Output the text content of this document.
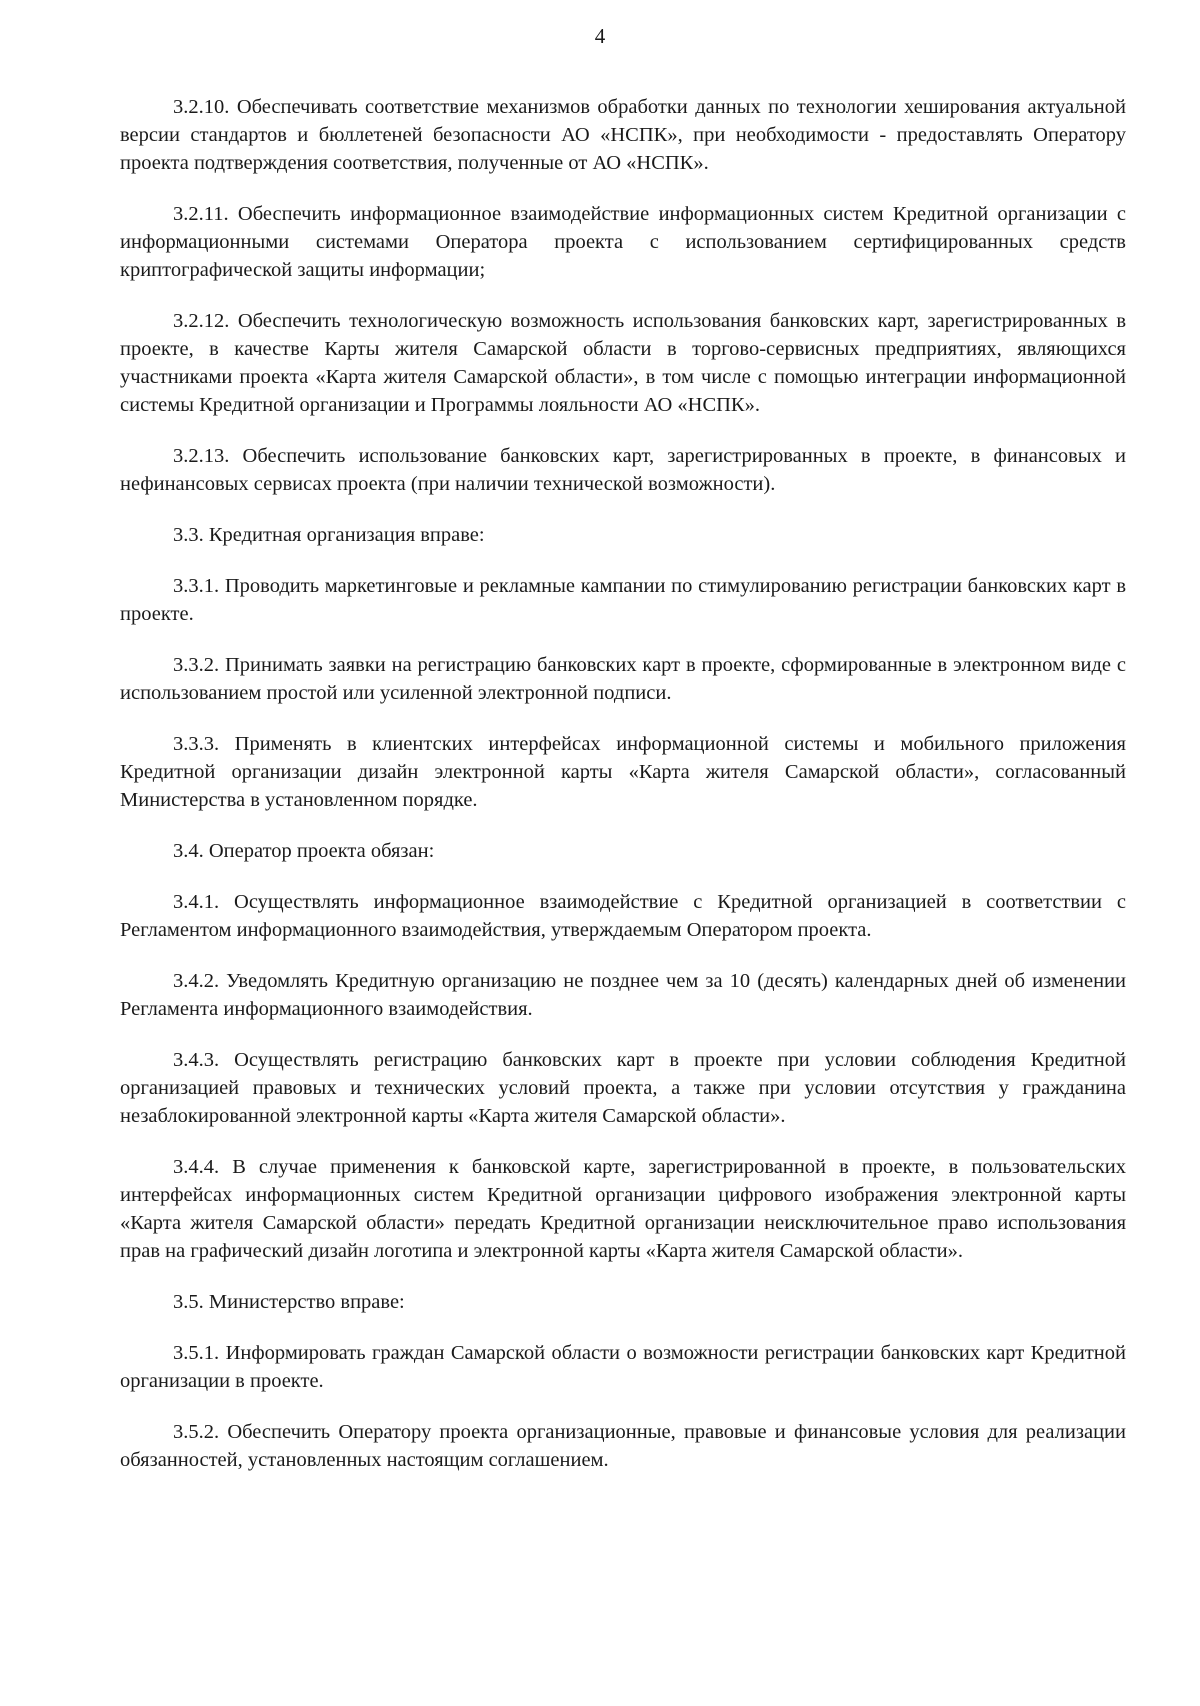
4

3.2.10. Обеспечивать соответствие механизмов обработки данных по технологии хеширования актуальной версии стандартов и бюллетеней безопасности АО «НСПК», при необходимости - предоставлять Оператору проекта подтверждения соответствия, полученные от АО «НСПК».

3.2.11. Обеспечить информационное взаимодействие информационных систем Кредитной организации с информационными системами Оператора проекта с использованием сертифицированных средств криптографической защиты информации;

3.2.12. Обеспечить технологическую возможность использования банковских карт, зарегистрированных в проекте, в качестве Карты жителя Самарской области в торгово-сервисных предприятиях, являющихся участниками проекта «Карта жителя Самарской области», в том числе с помощью интеграции информационной системы Кредитной организации и Программы лояльности АО «НСПК».

3.2.13. Обеспечить использование банковских карт, зарегистрированных в проекте, в финансовых и нефинансовых сервисах проекта (при наличии технической возможности).

3.3. Кредитная организация вправе:

3.3.1. Проводить маркетинговые и рекламные кампании по стимулированию регистрации банковских карт в проекте.

3.3.2. Принимать заявки на регистрацию банковских карт в проекте, сформированные в электронном виде с использованием простой или усиленной электронной подписи.

3.3.3. Применять в клиентских интерфейсах информационной системы и мобильного приложения Кредитной организации дизайн электронной карты «Карта жителя Самарской области», согласованный Министерства в установленном порядке.

3.4. Оператор проекта обязан:

3.4.1. Осуществлять информационное взаимодействие с Кредитной организацией в соответствии с Регламентом информационного взаимодействия, утверждаемым Оператором проекта.

3.4.2. Уведомлять Кредитную организацию не позднее чем за 10 (десять) календарных дней об изменении Регламента информационного взаимодействия.

3.4.3. Осуществлять регистрацию банковских карт в проекте при условии соблюдения Кредитной организацией правовых и технических условий проекта, а также при условии отсутствия у гражданина незаблокированной электронной карты «Карта жителя Самарской области».

3.4.4. В случае применения к банковской карте, зарегистрированной в проекте, в пользовательских интерфейсах информационных систем Кредитной организации цифрового изображения электронной карты «Карта жителя Самарской области» передать Кредитной организации неисключительное право использования прав на графический дизайн логотипа и электронной карты «Карта жителя Самарской области».

3.5. Министерство вправе:

3.5.1. Информировать граждан Самарской области о возможности регистрации банковских карт Кредитной организации в проекте.

3.5.2. Обеспечить Оператору проекта организационные, правовые и финансовые условия для реализации обязанностей, установленных настоящим соглашением.
